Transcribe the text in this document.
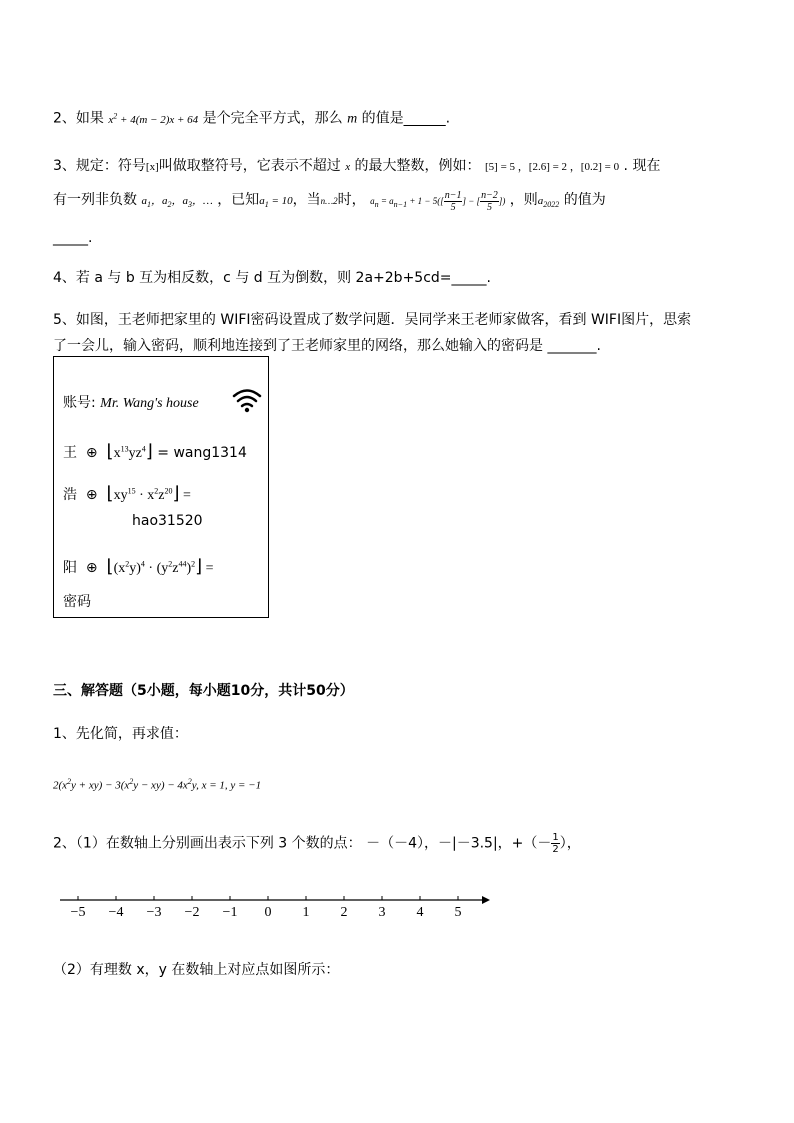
2、如果 $x^2 + 4(m - 2)x + 64$ 是个完全平方式，那么 m 的值是______.
3、规定：符号[x]叫做取整符号，它表示不超过 x 的最大整数，例如： [5] = 5 ，[2.6] = 2 ，[0.2] = 0 . 现在
有一列非负数 $a_1$，$a_2$，$a_3$，… ，已知$a_1 = 10$，当n…2时， $a_n = a_{n-1} + 1 - 5([ \frac{n-1}{5}$ ] − [ $\frac{n-2}{5}$ ]) ，则$a_{2022}$ 的值为
_____.
4、若 a 与 b 互为相反数，c 与 d 互为倒数，则 2a+2b+5cd=_____.
5、如图，王老师把家里的 WIFI密码设置成了数学问题．吴同学来王老师家做客，看到 WIFI图片，思索
了一会儿，输入密码，顺利地连接到了王老师家里的网络，那么她输入的密码是 _______.
账号: Mr. Wang's house
王  ⊕  $⌊x^{13}yz^4⌋$ = wang1314
浩  ⊕  $⌊xy^{15}$ · $x^2z^{20}⌋$ =
hao31520
阳  ⊕  $⌊(x^2y)^4$ · $(y^2z^{44})^2⌋$ =
密码
三、解答题（5小题，每小题10分，共计50分）
1、先化简，再求值：
$2(x^2y + xy) - 3(x^2y - xy) - 4x^2y$, x = 1, y = −1
2、（1）在数轴上分别画出表示下列 3 个数的点： －（－4），－|－3.5|，+（－ $\frac{1}{2}$ ），
−5 −4 −3 −2 −1 0 1 2 3 4 5
（2）有理数 x，y 在数轴上对应点如图所示：
